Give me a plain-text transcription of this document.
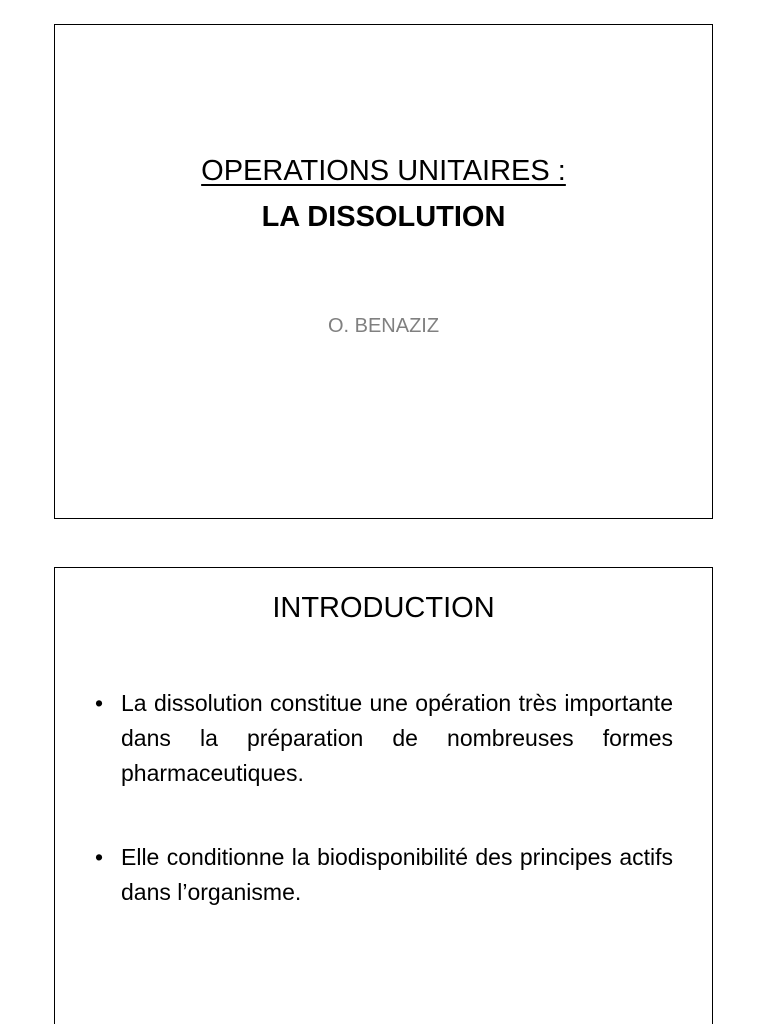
OPERATIONS UNITAIRES :
LA DISSOLUTION
O. BENAZIZ
INTRODUCTION
• La dissolution constitue une opération très importante dans la préparation de nombreuses formes pharmaceutiques.
• Elle conditionne la biodisponibilité des principes actifs dans l’organisme.
